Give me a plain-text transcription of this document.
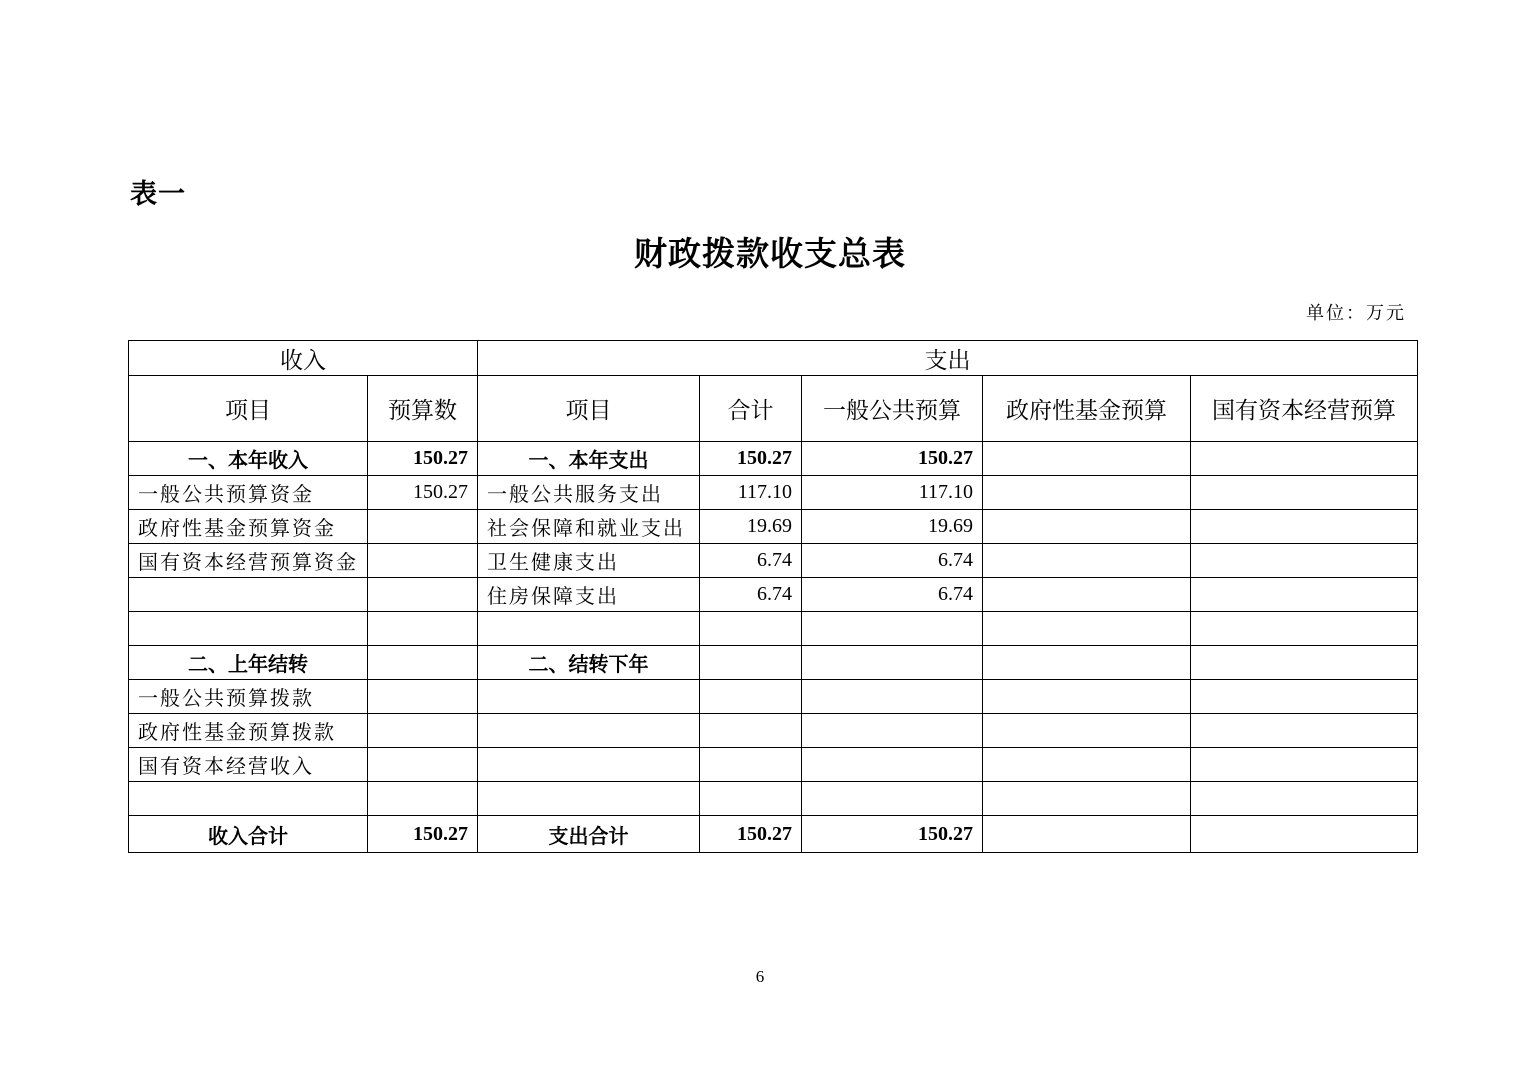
表一
财政拨款收支总表
单位：万元
收入		支出				
项目	预算数	项目	合计	一般公共预算	政府性基金预算	国有资本经营预算
一、本年收入	150.27	一、本年支出	150.27	150.27		
一般公共预算资金	150.27	一般公共服务支出	117.10	117.10		
政府性基金预算资金		社会保障和就业支出	19.69	19.69		
国有资本经营预算资金		卫生健康支出	6.74	6.74		
		住房保障支出	6.74	6.74		

二、上年结转		二、结转下年				
一般公共预算拨款						
政府性基金预算拨款						
国有资本经营收入						

收入合计	150.27	支出合计	150.27	150.27		
6
